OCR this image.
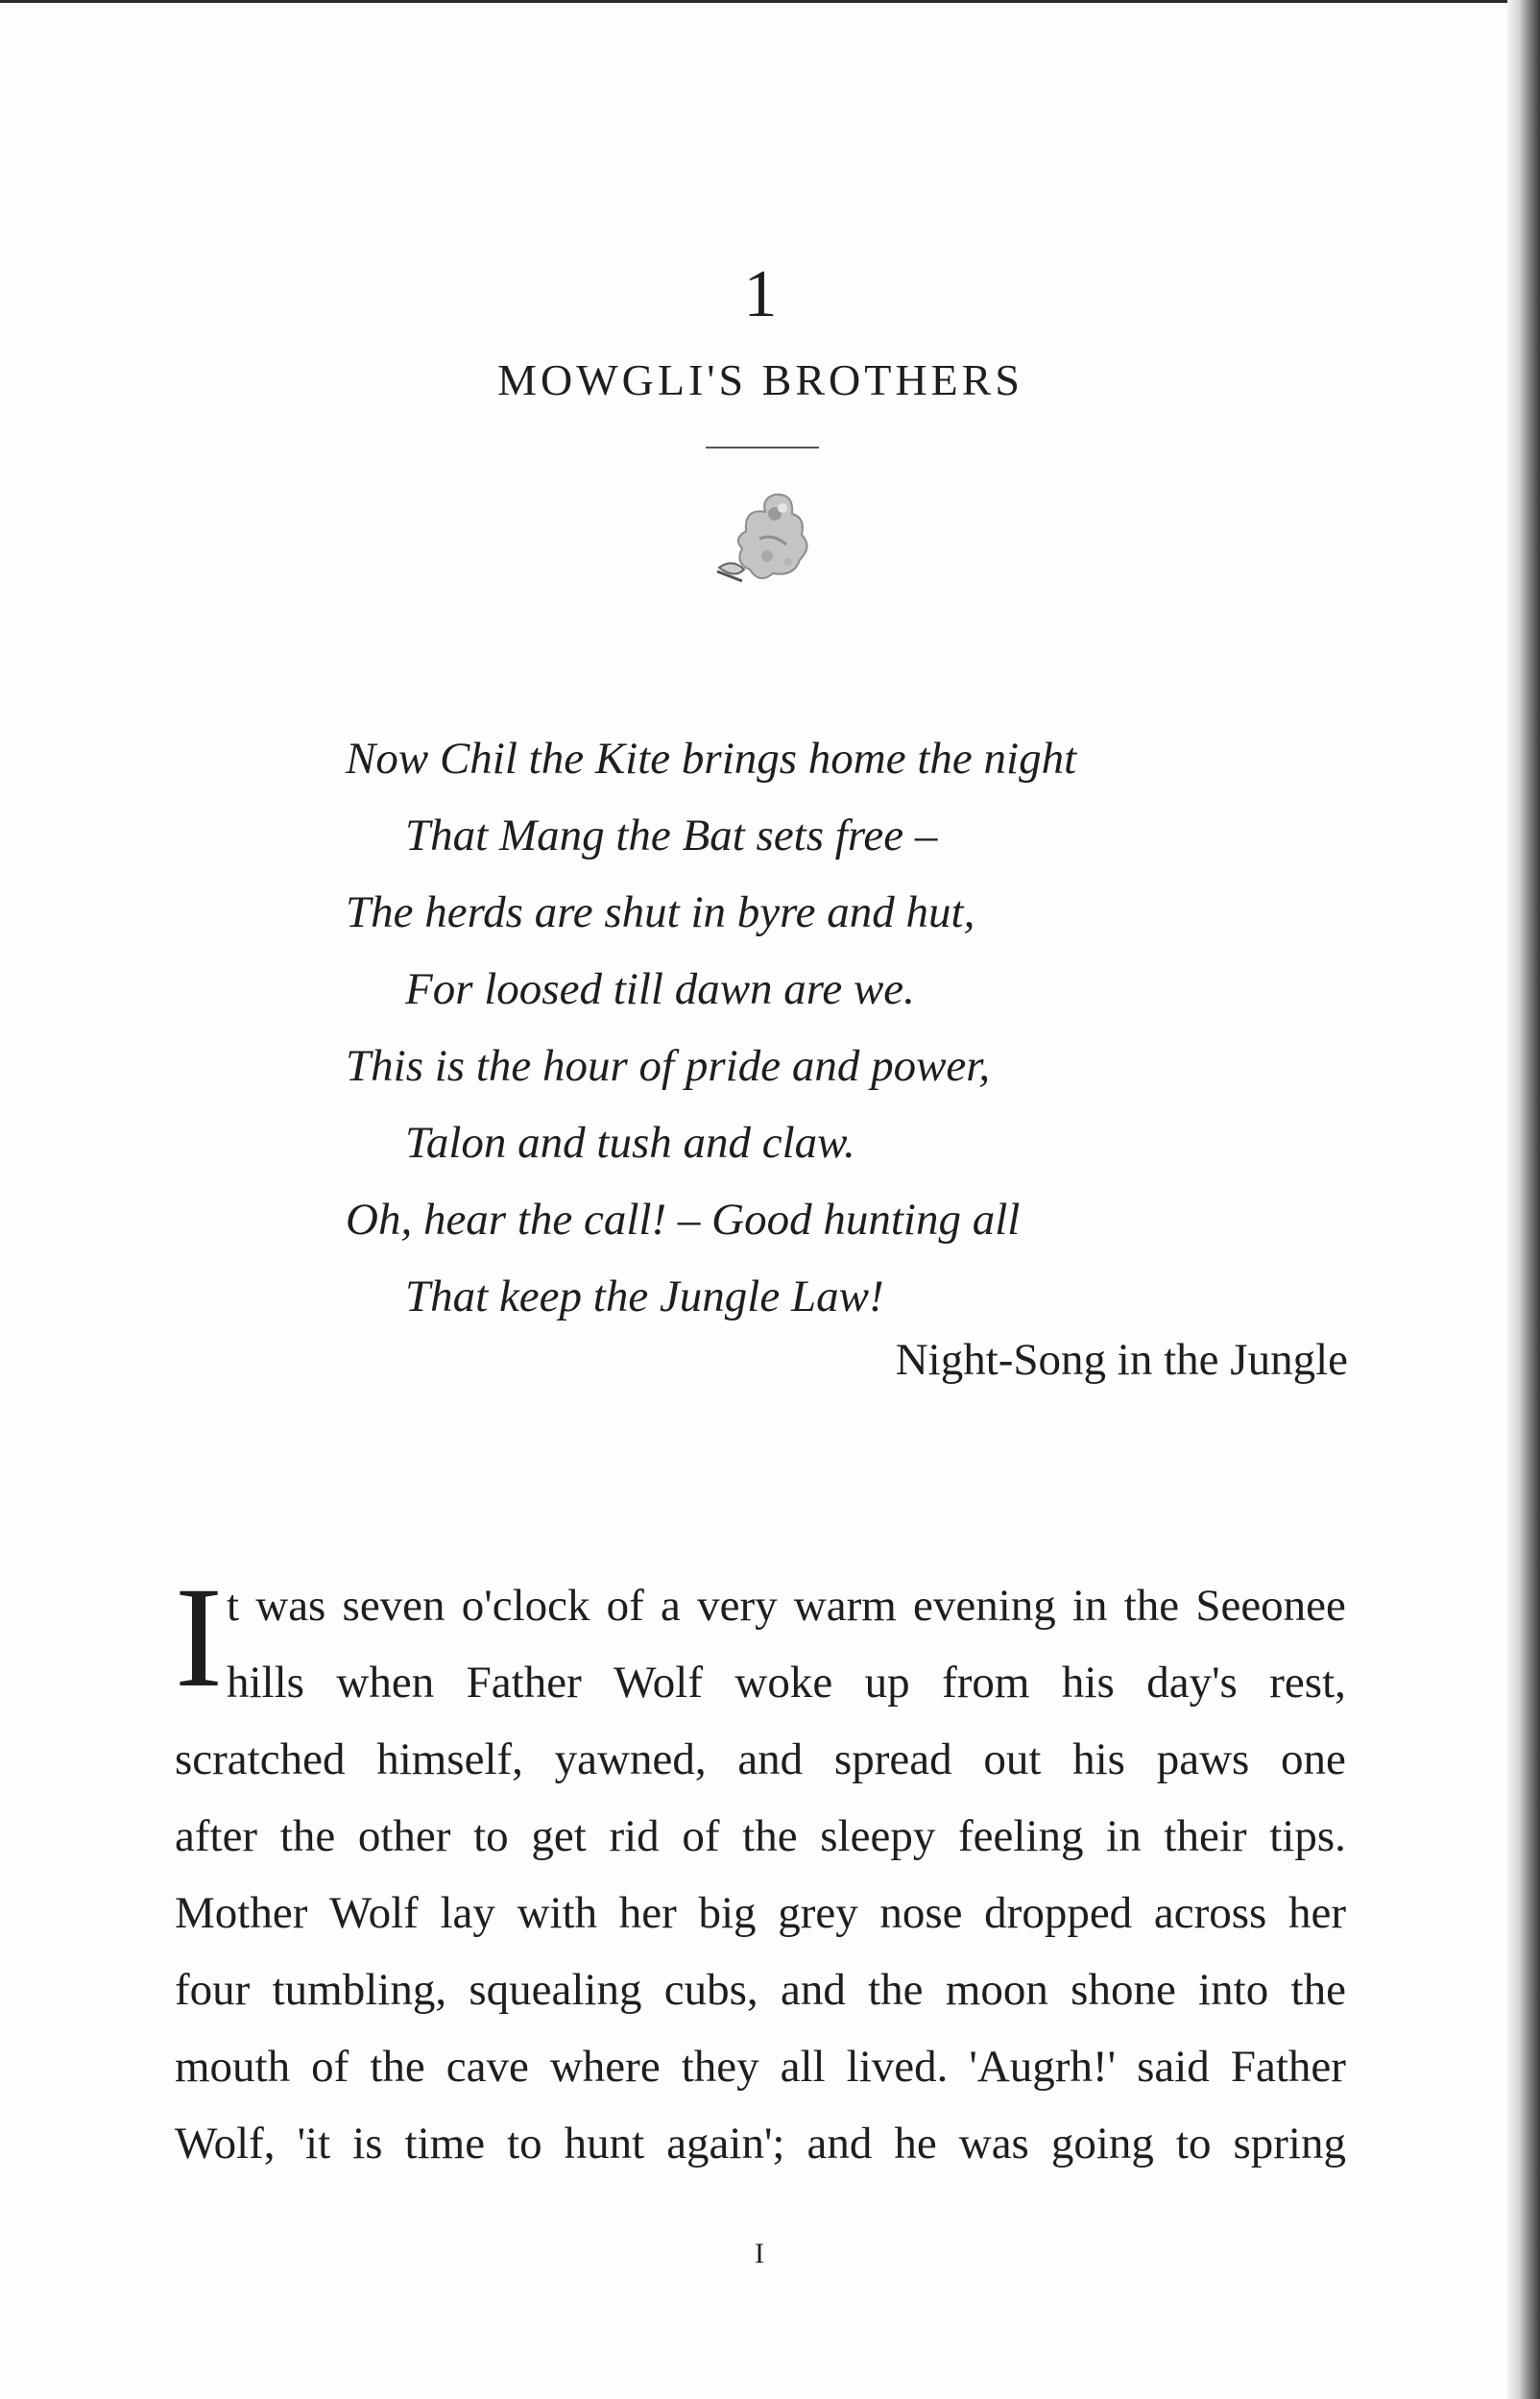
1
MOWGLI'S BROTHERS
Now Chil the Kite brings home the night
That Mang the Bat sets free –
The herds are shut in byre and hut,
For loosed till dawn are we.
This is the hour of pride and power,
Talon and tush and claw.
Oh, hear the call! – Good hunting all
That keep the Jungle Law!
Night-Song in the Jungle
I t was seven o'clock of a very warm evening in the Seeonee
hills when Father Wolf woke up from his day's rest,
scratched himself, yawned, and spread out his paws one
after the other to get rid of the sleepy feeling in their tips.
Mother Wolf lay with her big grey nose dropped across her
four tumbling, squealing cubs, and the moon shone into the
mouth of the cave where they all lived. 'Augrh!' said Father
Wolf, 'it is time to hunt again'; and he was going to spring
I
